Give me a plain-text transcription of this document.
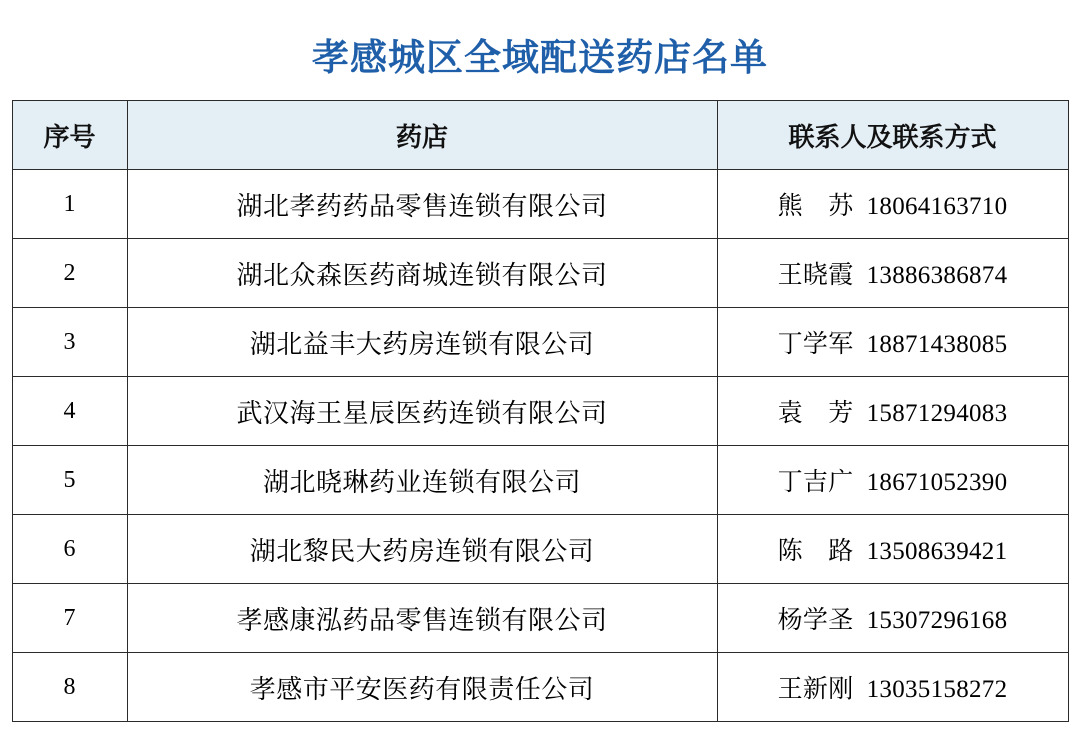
孝感城区全域配送药店名单
序号	药店	联系人及联系方式
1	湖北孝药药品零售连锁有限公司	熊　苏  18064163710
2	湖北众森医药商城连锁有限公司	王晓霞  13886386874
3	湖北益丰大药房连锁有限公司	丁学军  18871438085
4	武汉海王星辰医药连锁有限公司	袁　芳  15871294083
5	湖北晓琳药业连锁有限公司	丁吉广  18671052390
6	湖北黎民大药房连锁有限公司	陈　路  13508639421
7	孝感康泓药品零售连锁有限公司	杨学圣  15307296168
8	孝感市平安医药有限责任公司	王新刚  13035158272
